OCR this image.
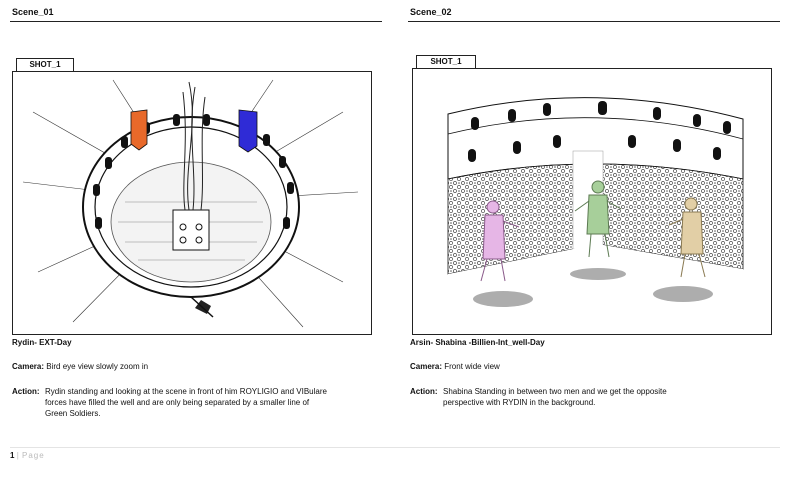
Scene_01
SHOT_1
Rydin- EXT-Day
Camera: Bird eye view slowly zoom in
Action: Rydin standing and looking at the scene in front of him ROYLIGIO and VIBulare
forces have filled the well and are only being separated by a smaller line of
Green Soldiers.
Scene_02
SHOT_1
Arsin- Shabina -Billien-Int_well-Day
Camera: Front wide view
Action: Shabina Standing in between two men and we get the opposite
perspective with RYDIN in the background.
1 | Page
